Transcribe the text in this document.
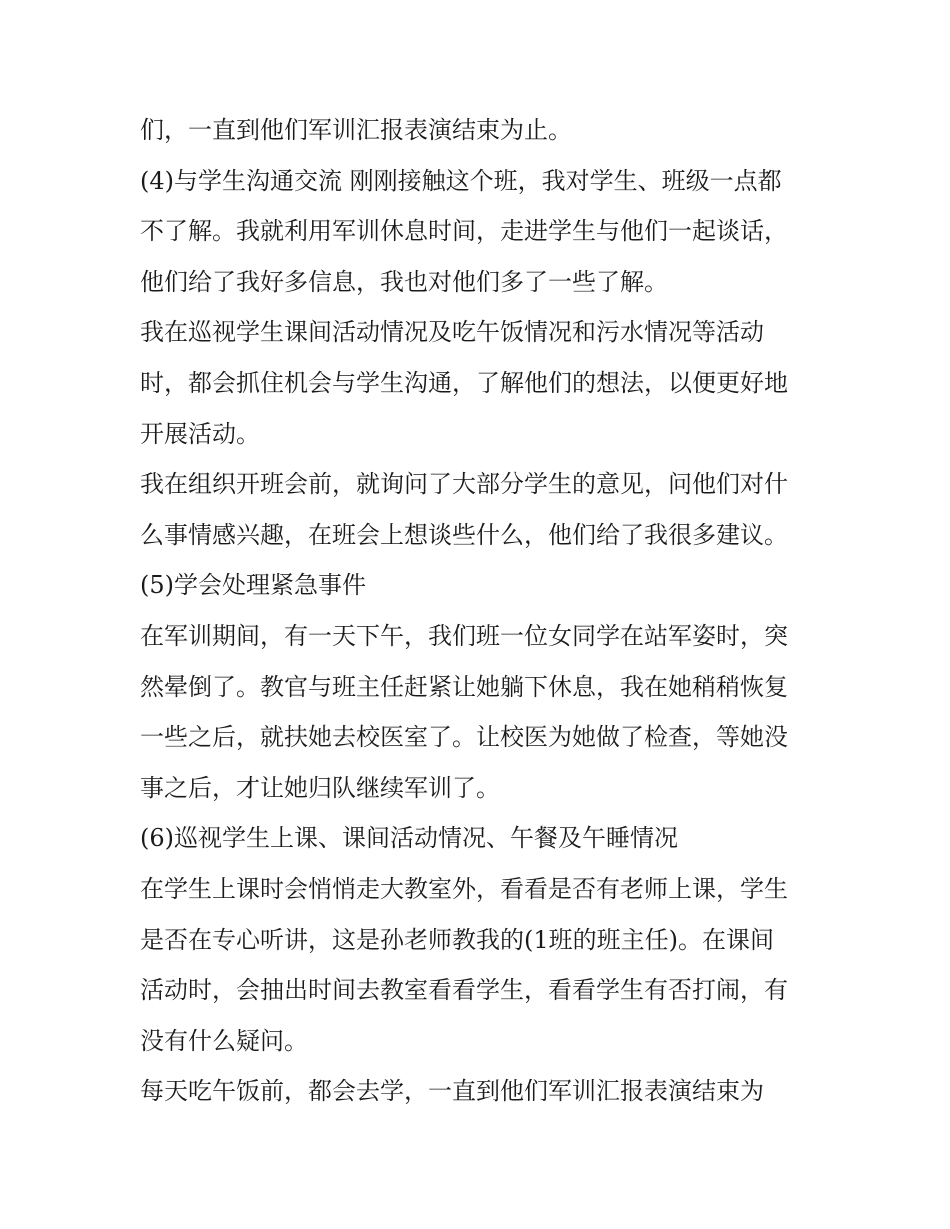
们，一直到他们军训汇报表演结束为止。
(4)与学生沟通交流 刚刚接触这个班，我对学生、班级一点都
不了解。我就利用军训休息时间，走进学生与他们一起谈话，
他们给了我好多信息，我也对他们多了一些了解。
我在巡视学生课间活动情况及吃午饭情况和污水情况等活动
时，都会抓住机会与学生沟通，了解他们的想法，以便更好地
开展活动。
我在组织开班会前，就询问了大部分学生的意见，问他们对什
么事情感兴趣，在班会上想谈些什么，他们给了我很多建议。
(5)学会处理紧急事件
在军训期间，有一天下午，我们班一位女同学在站军姿时，突
然晕倒了。教官与班主任赶紧让她躺下休息，我在她稍稍恢复
一些之后，就扶她去校医室了。让校医为她做了检查，等她没
事之后，才让她归队继续军训了。
(6)巡视学生上课、课间活动情况、午餐及午睡情况
在学生上课时会悄悄走大教室外，看看是否有老师上课，学生
是否在专心听讲，这是孙老师教我的(1班的班主任)。在课间
活动时，会抽出时间去教室看看学生，看看学生有否打闹，有
没有什么疑问。
每天吃午饭前，都会去学，一直到他们军训汇报表演结束为
